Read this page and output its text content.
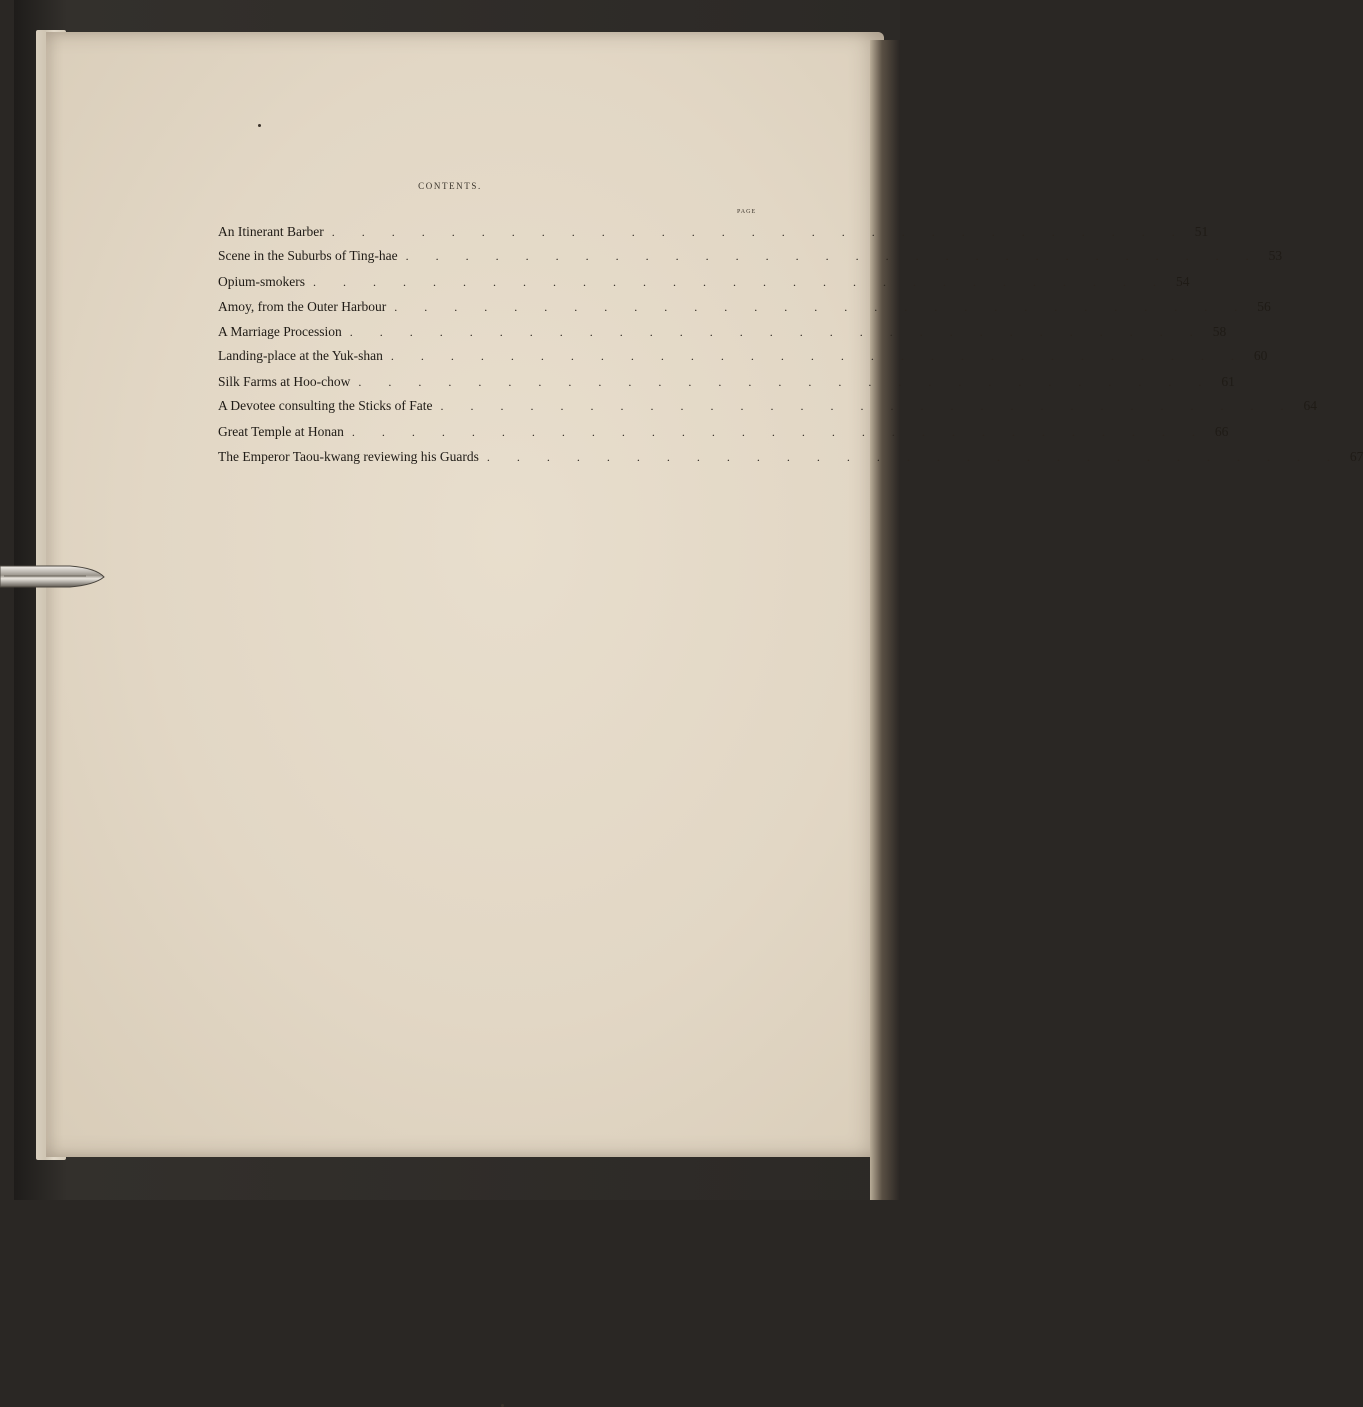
CONTENTS.
PAGE
An Itinerant Barber . . . . . . . . . . . . . . . . . . . . . . . . . . . . . 51
Scene in the Suburbs of Ting-hae . . . . . . . . . . . . . . . . . . . . . . . . . . . . . 53
Opium-smokers . . . . . . . . . . . . . . . . . . . . . . . . . . . . . 54
Amoy, from the Outer Harbour . . . . . . . . . . . . . . . . . . . . . . . . . . . . . 56
A Marriage Procession . . . . . . . . . . . . . . . . . . . . . . . . . . . . . 58
Landing-place at the Yuk-shan . . . . . . . . . . . . . . . . . . . . . . . . . . . . . 60
Silk Farms at Hoo-chow . . . . . . . . . . . . . . . . . . . . . . . . . . . . . 61
A Devotee consulting the Sticks of Fate . . . . . . . . . . . . . . . . . . . . . . . . . . . . . 64
Great Temple at Honan . . . . . . . . . . . . . . . . . . . . . . . . . . . . . 66
The Emperor Taou-kwang reviewing his Guards . . . . . . . . . . . . . . . . . . . . . . . . . . . . . 67
